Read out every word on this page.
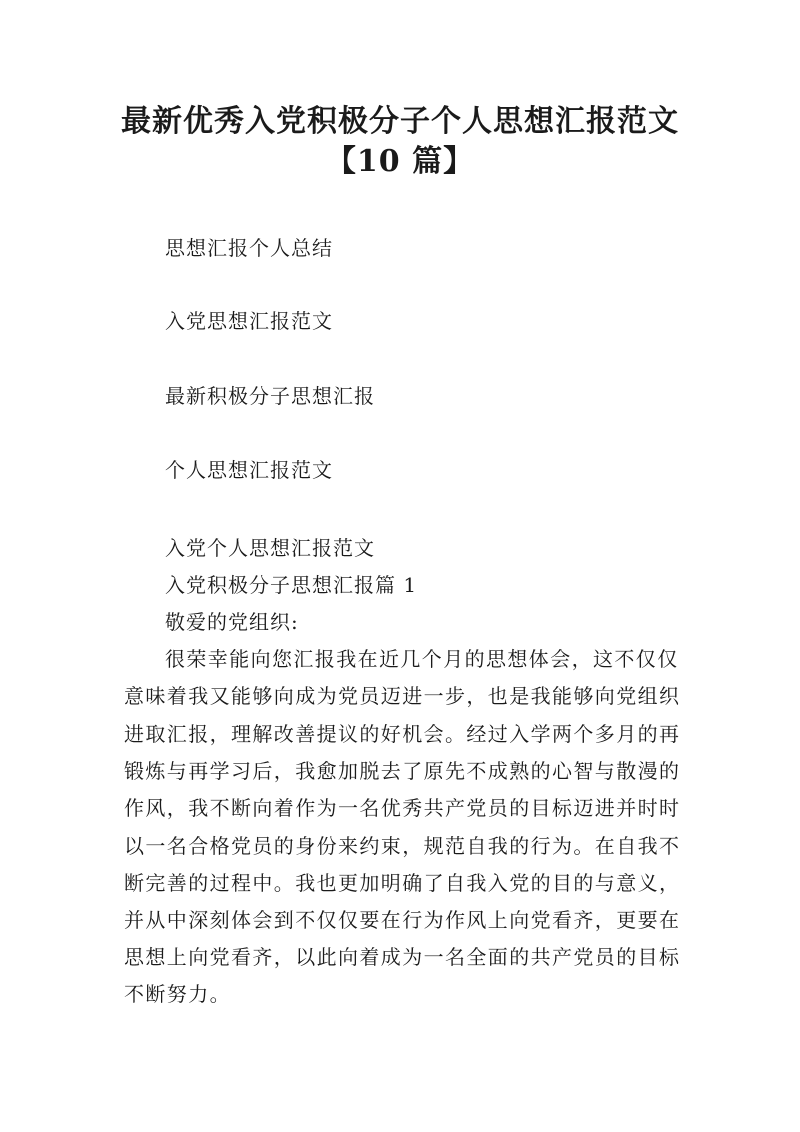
最新优秀入党积极分子个人思想汇报范文
【10 篇】

思想汇报个人总结

入党思想汇报范文

最新积极分子思想汇报

个人思想汇报范文

入党个人思想汇报范文

入党积极分子思想汇报篇 1

敬爱的党组织:

很荣幸能向您汇报我在近几个月的思想体会，这不仅仅

意味着我又能够向成为党员迈进一步，也是我能够向党组织

进取汇报，理解改善提议的好机会。经过入学两个多月的再

锻炼与再学习后，我愈加脱去了原先不成熟的心智与散漫的

作风，我不断向着作为一名优秀共产党员的目标迈进并时时

以一名合格党员的身份来约束，规范自我的行为。在自我不

断完善的过程中。我也更加明确了自我入党的目的与意义，

并从中深刻体会到不仅仅要在行为作风上向党看齐，更要在

思想上向党看齐，以此向着成为一名全面的共产党员的目标

不断努力。
